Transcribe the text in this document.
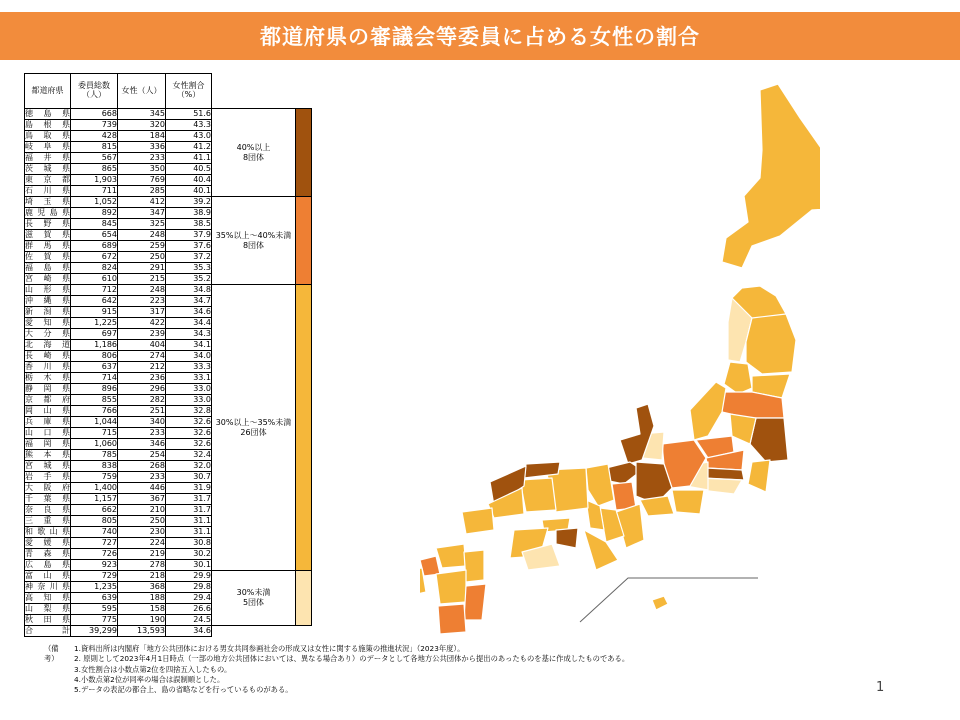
都道府県の審議会等委員に占める女性の割合
都道府県	委員総数
（人）	女性（人）	女性割合
（%）		
徳島県	668	345	51.6	40%以上
8団体	

島根県	739	320	43.3		
鳥取県	428	184	43.0		
岐阜県	815	336	41.2		
福井県	567	233	41.1		
茨城県	865	350	40.5		
東京都	1,903	769	40.4		
石川県	711	285	40.1		
埼玉県	1,052	412	39.2	35%以上～40%未満
8団体	

鹿児島県	892	347	38.9		
長野県	845	325	38.5		
滋賀県	654	248	37.9		
群馬県	689	259	37.6		
佐賀県	672	250	37.2		
福島県	824	291	35.3		
宮崎県	610	215	35.2		
山形県	712	248	34.8	30%以上～35%未満
26団体	

沖縄県	642	223	34.7		
新潟県	915	317	34.6		
愛知県	1,225	422	34.4		
大分県	697	239	34.3		
北海道	1,186	404	34.1		
長崎県	806	274	34.0		
香川県	637	212	33.3		
栃木県	714	236	33.1		
静岡県	896	296	33.0		
京都府	855	282	33.0		
岡山県	766	251	32.8		
兵庫県	1,044	340	32.6		
山口県	715	233	32.6		
福岡県	1,060	346	32.6		
熊本県	785	254	32.4		
宮城県	838	268	32.0		
岩手県	759	233	30.7		
大阪府	1,400	446	31.9		
千葉県	1,157	367	31.7		
奈良県	662	210	31.7		
三重県	805	250	31.1		
和歌山県	740	230	31.1		
愛媛県	727	224	30.8		
青森県	726	219	30.2		
広島県	923	278	30.1		
富山県	729	218	29.9	30%未満
5団体	

神奈川県	1,235	368	29.8		
高知県	639	188	29.4		
山梨県	595	158	26.6		
秋田県	775	190	24.5		
合　計	39,299	13,593	34.6		
（備考）
1.資料出所は内閣府「地方公共団体における男女共同参画社会の形成又は女性に関する施策の推進状況」（2023年度）。
2. 原則として2023年4月1日時点（一部の地方公共団体においては、異なる場合あり）のデータとして各地方公共団体から提出のあったものを基に作成したものである。
3.女性割合は小数点第2位を四捨五入したもの。
4.小数点第2位が同率の場合は誤制順とした。
5.データの表記の都合上、島の省略などを行っているものがある。	1
